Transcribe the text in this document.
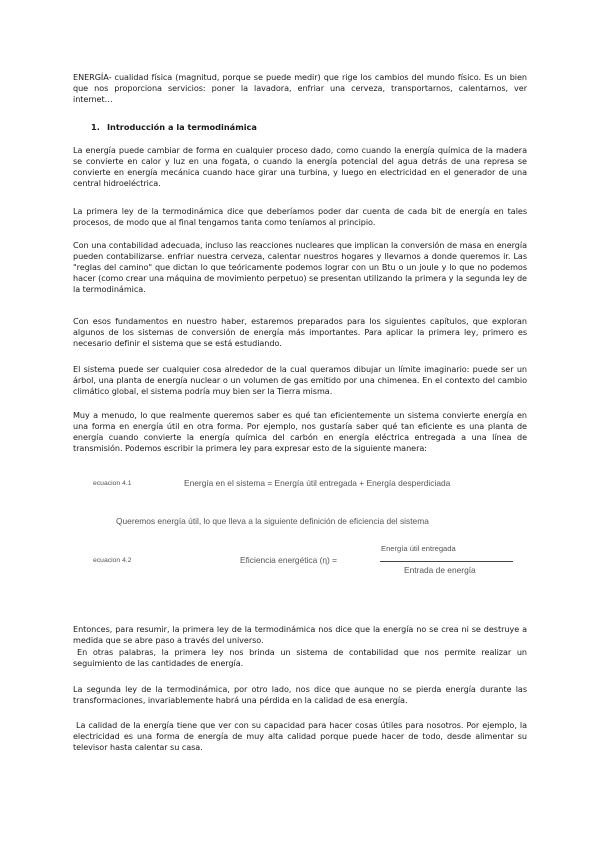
ENERGÍA- cualidad física (magnitud, porque se puede medir) que rige los cambios del mundo físico. Es un bien que nos proporciona servicios: poner la lavadora, enfriar una cerveza, transportarnos, calentarnos, ver internet…

1. Introducción a la termodinámica

La energía puede cambiar de forma en cualquier proceso dado, como cuando la energía química de la madera se convierte en calor y luz en una fogata, o cuando la energía potencial del agua detrás de una represa se convierte en energía mecánica cuando hace girar una turbina, y luego en electricidad en el generador de una central hidroeléctrica.

La primera ley de la termodinámica dice que deberíamos poder dar cuenta de cada bit de energía en tales procesos, de modo que al final tengamos tanta como teníamos al principio.

Con una contabilidad adecuada, incluso las reacciones nucleares que implican la conversión de masa en energía pueden contabilizarse. enfriar nuestra cerveza, calentar nuestros hogares y llevarnos a donde queremos ir. Las "reglas del camino" que dictan lo que teóricamente podemos lograr con un Btu o un joule y lo que no podemos hacer (como crear una máquina de movimiento perpetuo) se presentan utilizando la primera y la segunda ley de la termodinámica.

Con esos fundamentos en nuestro haber, estaremos preparados para los siguientes capítulos, que exploran algunos de los sistemas de conversión de energía más importantes. Para aplicar la primera ley, primero es necesario definir el sistema que se está estudiando.

El sistema puede ser cualquier cosa alrededor de la cual queramos dibujar un límite imaginario: puede ser un árbol, una planta de energía nuclear o un volumen de gas emitido por una chimenea. En el contexto del cambio climático global, el sistema podría muy bien ser la Tierra misma.

Muy a menudo, lo que realmente queremos saber es qué tan eficientemente un sistema convierte energía en una forma en energía útil en otra forma. Por ejemplo, nos gustaría saber qué tan eficiente es una planta de energía cuando convierte la energía química del carbón en energía eléctrica entregada a una línea de transmisión. Podemos escribir la primera ley para expresar esto de la siguiente manera:

ecuacion 4.1	Energía en el sistema = Energía útil entregada + Energía desperdiciada
Queremos energía útil, lo que lleva a la siguiente definición de eficiencia del sistema
ecuacion 4.2	Eficiencia energética (η) =
Energía útil entregada
Entrada de energía

Entonces, para resumir, la primera ley de la termodinámica nos dice que la energía no se crea ni se destruye a medida que se abre paso a través del universo.

En otras palabras, la primera ley nos brinda un sistema de contabilidad que nos permite realizar un seguimiento de las cantidades de energía.

La segunda ley de la termodinámica, por otro lado, nos dice que aunque no se pierda energía durante las transformaciones, invariablemente habrá una pérdida en la calidad de esa energía.

La calidad de la energía tiene que ver con su capacidad para hacer cosas útiles para nosotros. Por ejemplo, la electricidad es una forma de energía de muy alta calidad porque puede hacer de todo, desde alimentar su televisor hasta calentar su casa.
